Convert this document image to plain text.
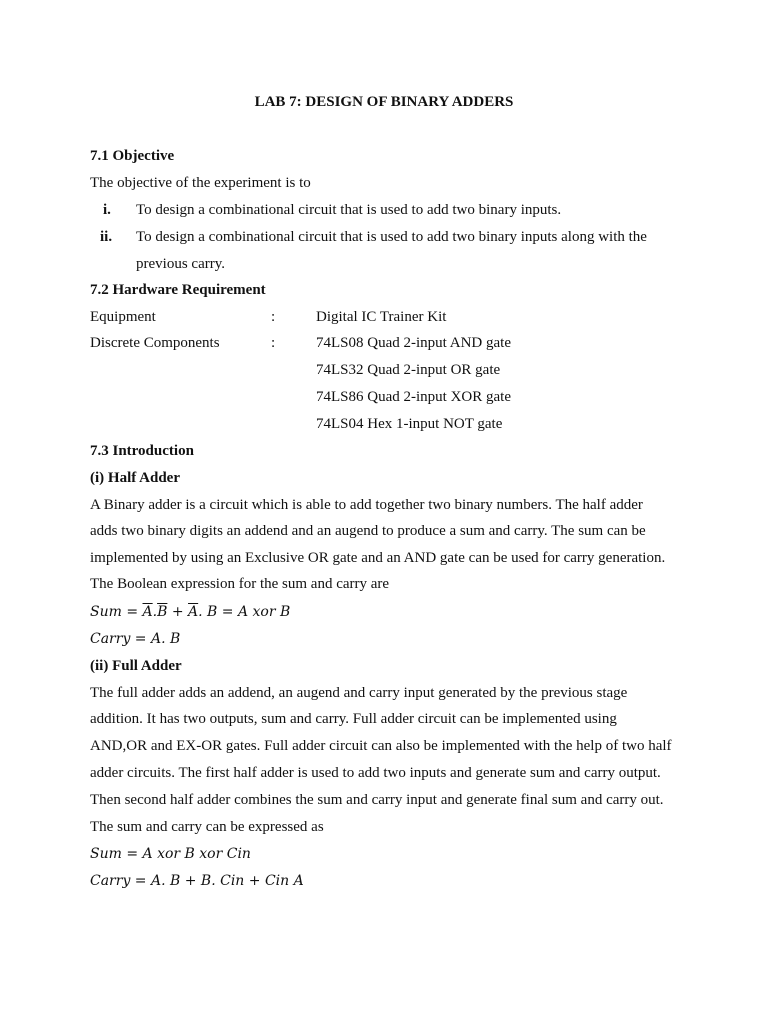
LAB 7: DESIGN OF BINARY ADDERS
7.1 Objective
The objective of the experiment is to
i. To design a combinational circuit that is used to add two binary inputs.
ii. To design a combinational circuit that is used to add two binary inputs along with the
previous carry.
7.2 Hardware Requirement
Equipment	:	Digital IC Trainer Kit
Discrete Components	:	74LS08 Quad 2-input AND gate
74LS32 Quad 2-input OR gate
74LS86 Quad 2-input XOR gate
74LS04 Hex 1-input NOT gate
7.3 Introduction
(i) Half Adder
A Binary adder is a circuit which is able to add together two binary numbers. The half adder
adds two binary digits an addend and an augend to produce a sum and carry. The sum can be
implemented by using an Exclusive OR gate and an AND gate can be used for carry generation.
The Boolean expression for the sum and carry are
Sum = $\overline{A}.\overline{B} + \overline{A}$. B = A xor B
Carry = A. B
(ii) Full Adder
The full adder adds an addend, an augend and carry input generated by the previous stage
addition. It has two outputs, sum and carry. Full adder circuit can be implemented using
AND,OR and EX-OR gates. Full adder circuit can also be implemented with the help of two half
adder circuits. The first half adder is used to add two inputs and generate sum and carry output.
Then second half adder combines the sum and carry input and generate final sum and carry out.
The sum and carry can be expressed as
Sum = A xor B xor Cin
Carry = A. B + B. Cin + Cin A
